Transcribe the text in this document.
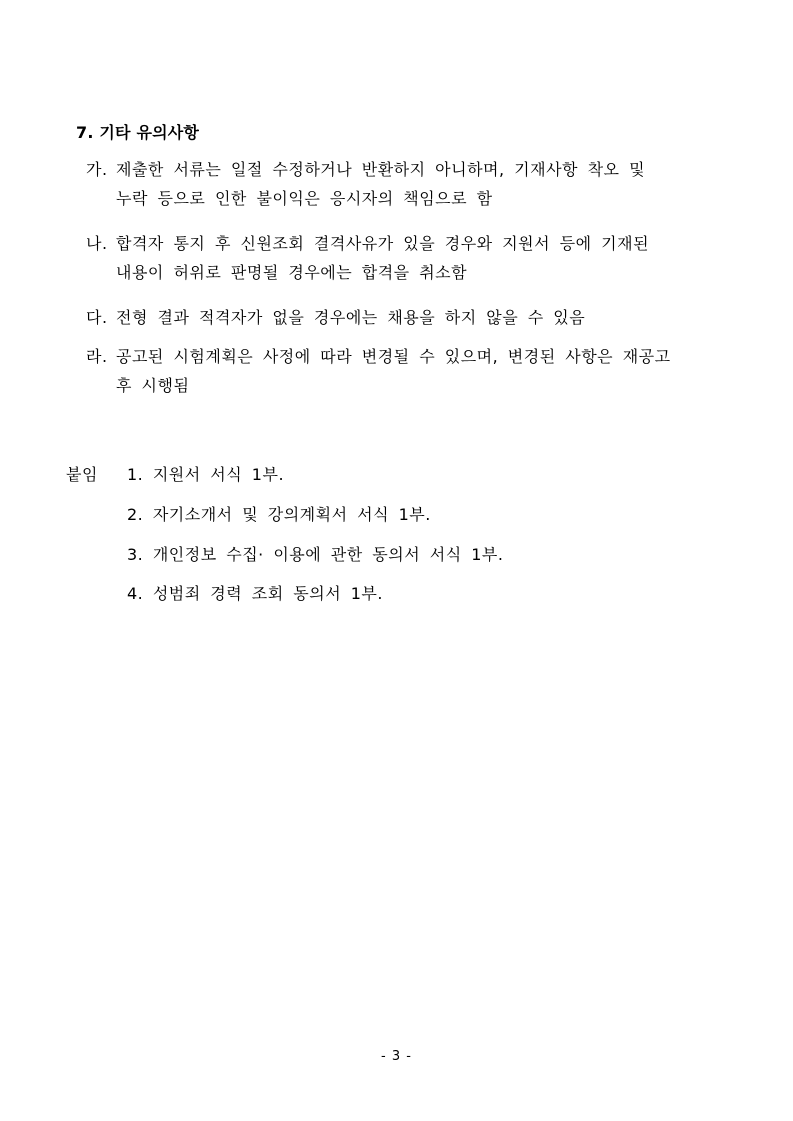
7. 기타 유의사항
가. 제출한 서류는 일절 수정하거나 반환하지 아니하며, 기재사항 착오 및
누락 등으로 인한 불이익은 응시자의 책임으로 함
나. 합격자 통지 후 신원조회 결격사유가 있을 경우와 지원서 등에 기재된
내용이 허위로 판명될 경우에는 합격을 취소함
다. 전형 결과 적격자가 없을 경우에는 채용을 하지 않을 수 있음
라. 공고된 시험계획은 사정에 따라 변경될 수 있으며, 변경된 사항은 재공고
후 시행됨
붙임 1. 지원서 서식 1부.
2. 자기소개서 및 강의계획서 서식 1부.
3. 개인정보 수집· 이용에 관한 동의서 서식 1부.
4. 성범죄 경력 조회 동의서 1부.
- 3 -
